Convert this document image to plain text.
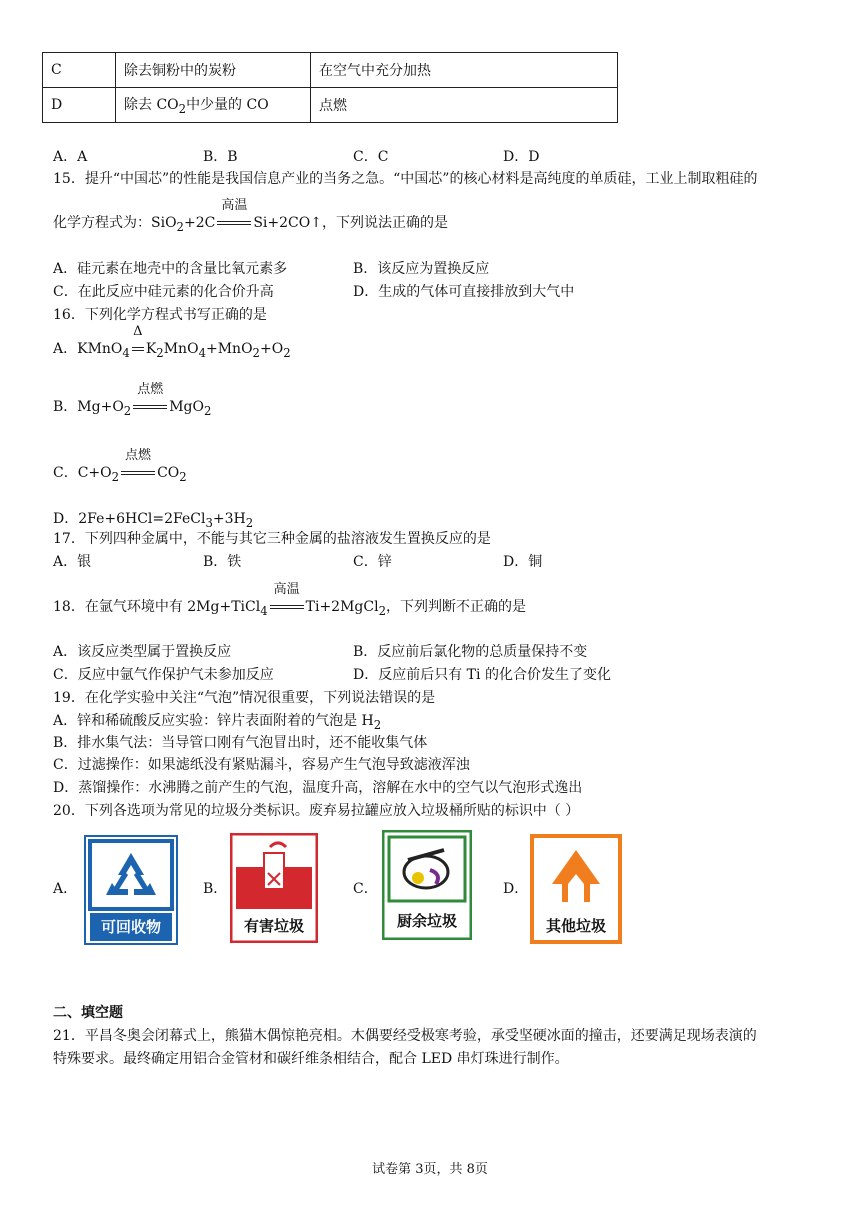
C	除去铜粉中的炭粉	在空气中充分加热
D	除去 $CO_2$中少量的 CO	点燃
A．A	B．B	C．C	D．D
15．提升“中国芯”的性能是我国信息产业的当务之急。“中国芯”的核心材料是高纯度的单质硅，工业上制取粗硅的
化学方程式为：SiO$_2$+2C
高温
Si+2CO↑，下列说法正确的是
A．硅元素在地壳中的含量比氧元素多	B．该反应为置换反应
C．在此反应中硅元素的化合价升高	D．生成的气体可直接排放到大气中
16．下列化学方程式书写正确的是
A．KMnO$_4$
Δ
$K_2MnO_4+MnO_2+O_2$
B．$Mg+O_2$
点燃
MgO$_2$
C．$C+O_2$
点燃
$CO_2$
D．$2Fe+6HCl=2FeCl_3+3H_2$
17．下列四种金属中，不能与其它三种金属的盐溶液发生置换反应的是
A．银	B．铁	C．锌	D．铜
18．在氩气环境中有 2Mg+TiCl$_4$
高温
Ti+2MgCl$_2$，下列判断不正确的是
A．该反应类型属于置换反应	B．反应前后氯化物的总质量保持不变
C．反应中氩气作保护气未参加反应	D．反应前后只有 Ti 的化合价发生了变化
19．在化学实验中关注“气泡”情况很重要，下列说法错误的是
A．锌和稀硫酸反应实验：锌片表面附着的气泡是 $H_2$
B．排水集气法：当导管口刚有气泡冒出时，还不能收集气体
C．过滤操作：如果滤纸没有紧贴漏斗，容易产生气泡导致滤液浑浊
D．蒸馏操作：水沸腾之前产生的气泡，温度升高，溶解在水中的空气以气泡形式逸出
20．下列各选项为常见的垃圾分类标识。废弃易拉罐应放入垃圾桶所贴的标识中（ ）
A．
可回收物
B．
有害垃圾
C．
厨余垃圾
D．
其他垃圾
二、填空题
21．平昌冬奥会闭幕式上，熊猫木偶惊艳亮相。木偶要经受极寒考验，承受坚硬冰面的撞击，还要满足现场表演的
特殊要求。最终确定用铝合金管材和碳纤维条相结合，配合 LED 串灯珠进行制作。
试卷第 3页，共 8页
